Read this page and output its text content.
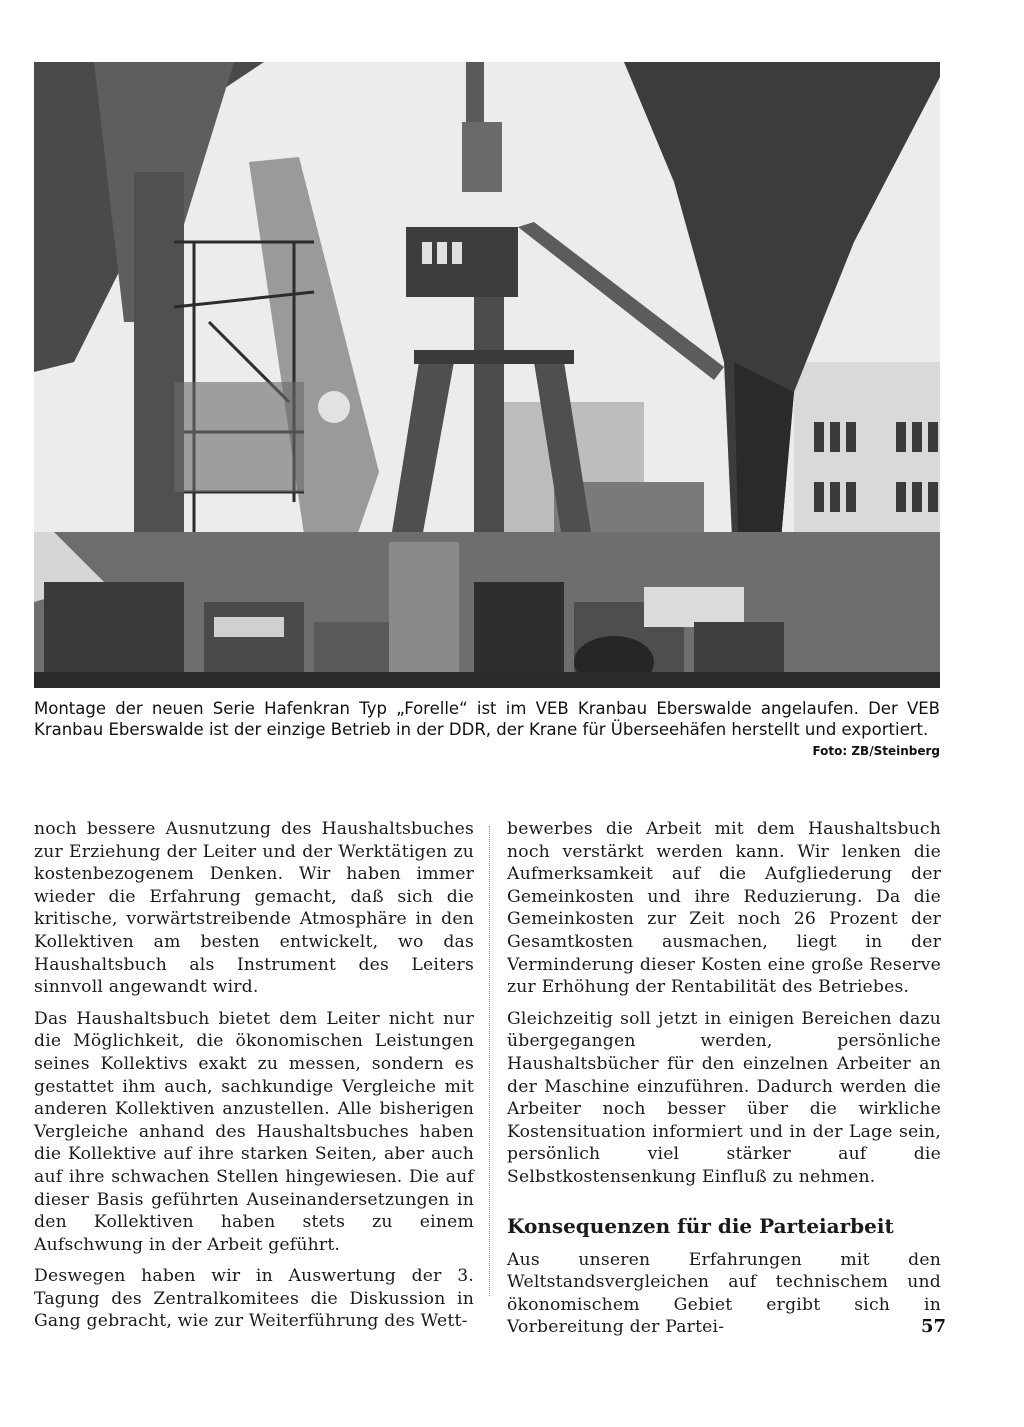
Montage der neuen Serie Hafenkran Typ „Forelle“ ist im VEB Kranbau Eberswalde angelaufen. Der VEB Kranbau Eberswalde ist der einzige Betrieb in der DDR, der Krane für Überseehäfen herstellt und exportiert.
Foto: ZB/Steinberg

noch bessere Ausnutzung des Haushaltsbuches zur Erziehung der Leiter und der Werktätigen zu kostenbezogenem Denken. Wir haben immer wieder die Erfahrung gemacht, daß sich die kritische, vorwärtstreibende Atmosphäre in den Kollektiven am besten entwickelt, wo das Haushaltsbuch als Instrument des Leiters sinnvoll angewandt wird.

Das Haushaltsbuch bietet dem Leiter nicht nur die Möglichkeit, die ökonomischen Leistungen seines Kollektivs exakt zu messen, sondern es gestattet ihm auch, sachkundige Vergleiche mit anderen Kollektiven anzustellen. Alle bisherigen Vergleiche anhand des Haushaltsbuches haben die Kollektive auf ihre starken Seiten, aber auch auf ihre schwachen Stellen hingewiesen. Die auf dieser Basis geführten Auseinandersetzungen in den Kollektiven haben stets zu einem Aufschwung in der Arbeit geführt.

Deswegen haben wir in Auswertung der 3. Tagung des Zentralkomitees die Diskussion in Gang gebracht, wie zur Weiterführung des Wett-

bewerbes die Arbeit mit dem Haushaltsbuch noch verstärkt werden kann. Wir lenken die Aufmerksamkeit auf die Aufgliederung der Gemeinkosten und ihre Reduzierung. Da die Gemeinkosten zur Zeit noch 26 Prozent der Gesamtkosten ausmachen, liegt in der Verminderung dieser Kosten eine große Reserve zur Erhöhung der Rentabilität des Betriebes.

Gleichzeitig soll jetzt in einigen Bereichen dazu übergegangen werden, persönliche Haushaltsbücher für den einzelnen Arbeiter an der Maschine einzuführen. Dadurch werden die Arbeiter noch besser über die wirkliche Kostensituation informiert und in der Lage sein, persönlich viel stärker auf die Selbstkostensenkung Einfluß zu nehmen.

Konsequenzen für die Parteiarbeit

Aus unseren Erfahrungen mit den Weltstandsvergleichen auf technischem und ökonomischem Gebiet ergibt sich in Vorbereitung der Partei-	57
